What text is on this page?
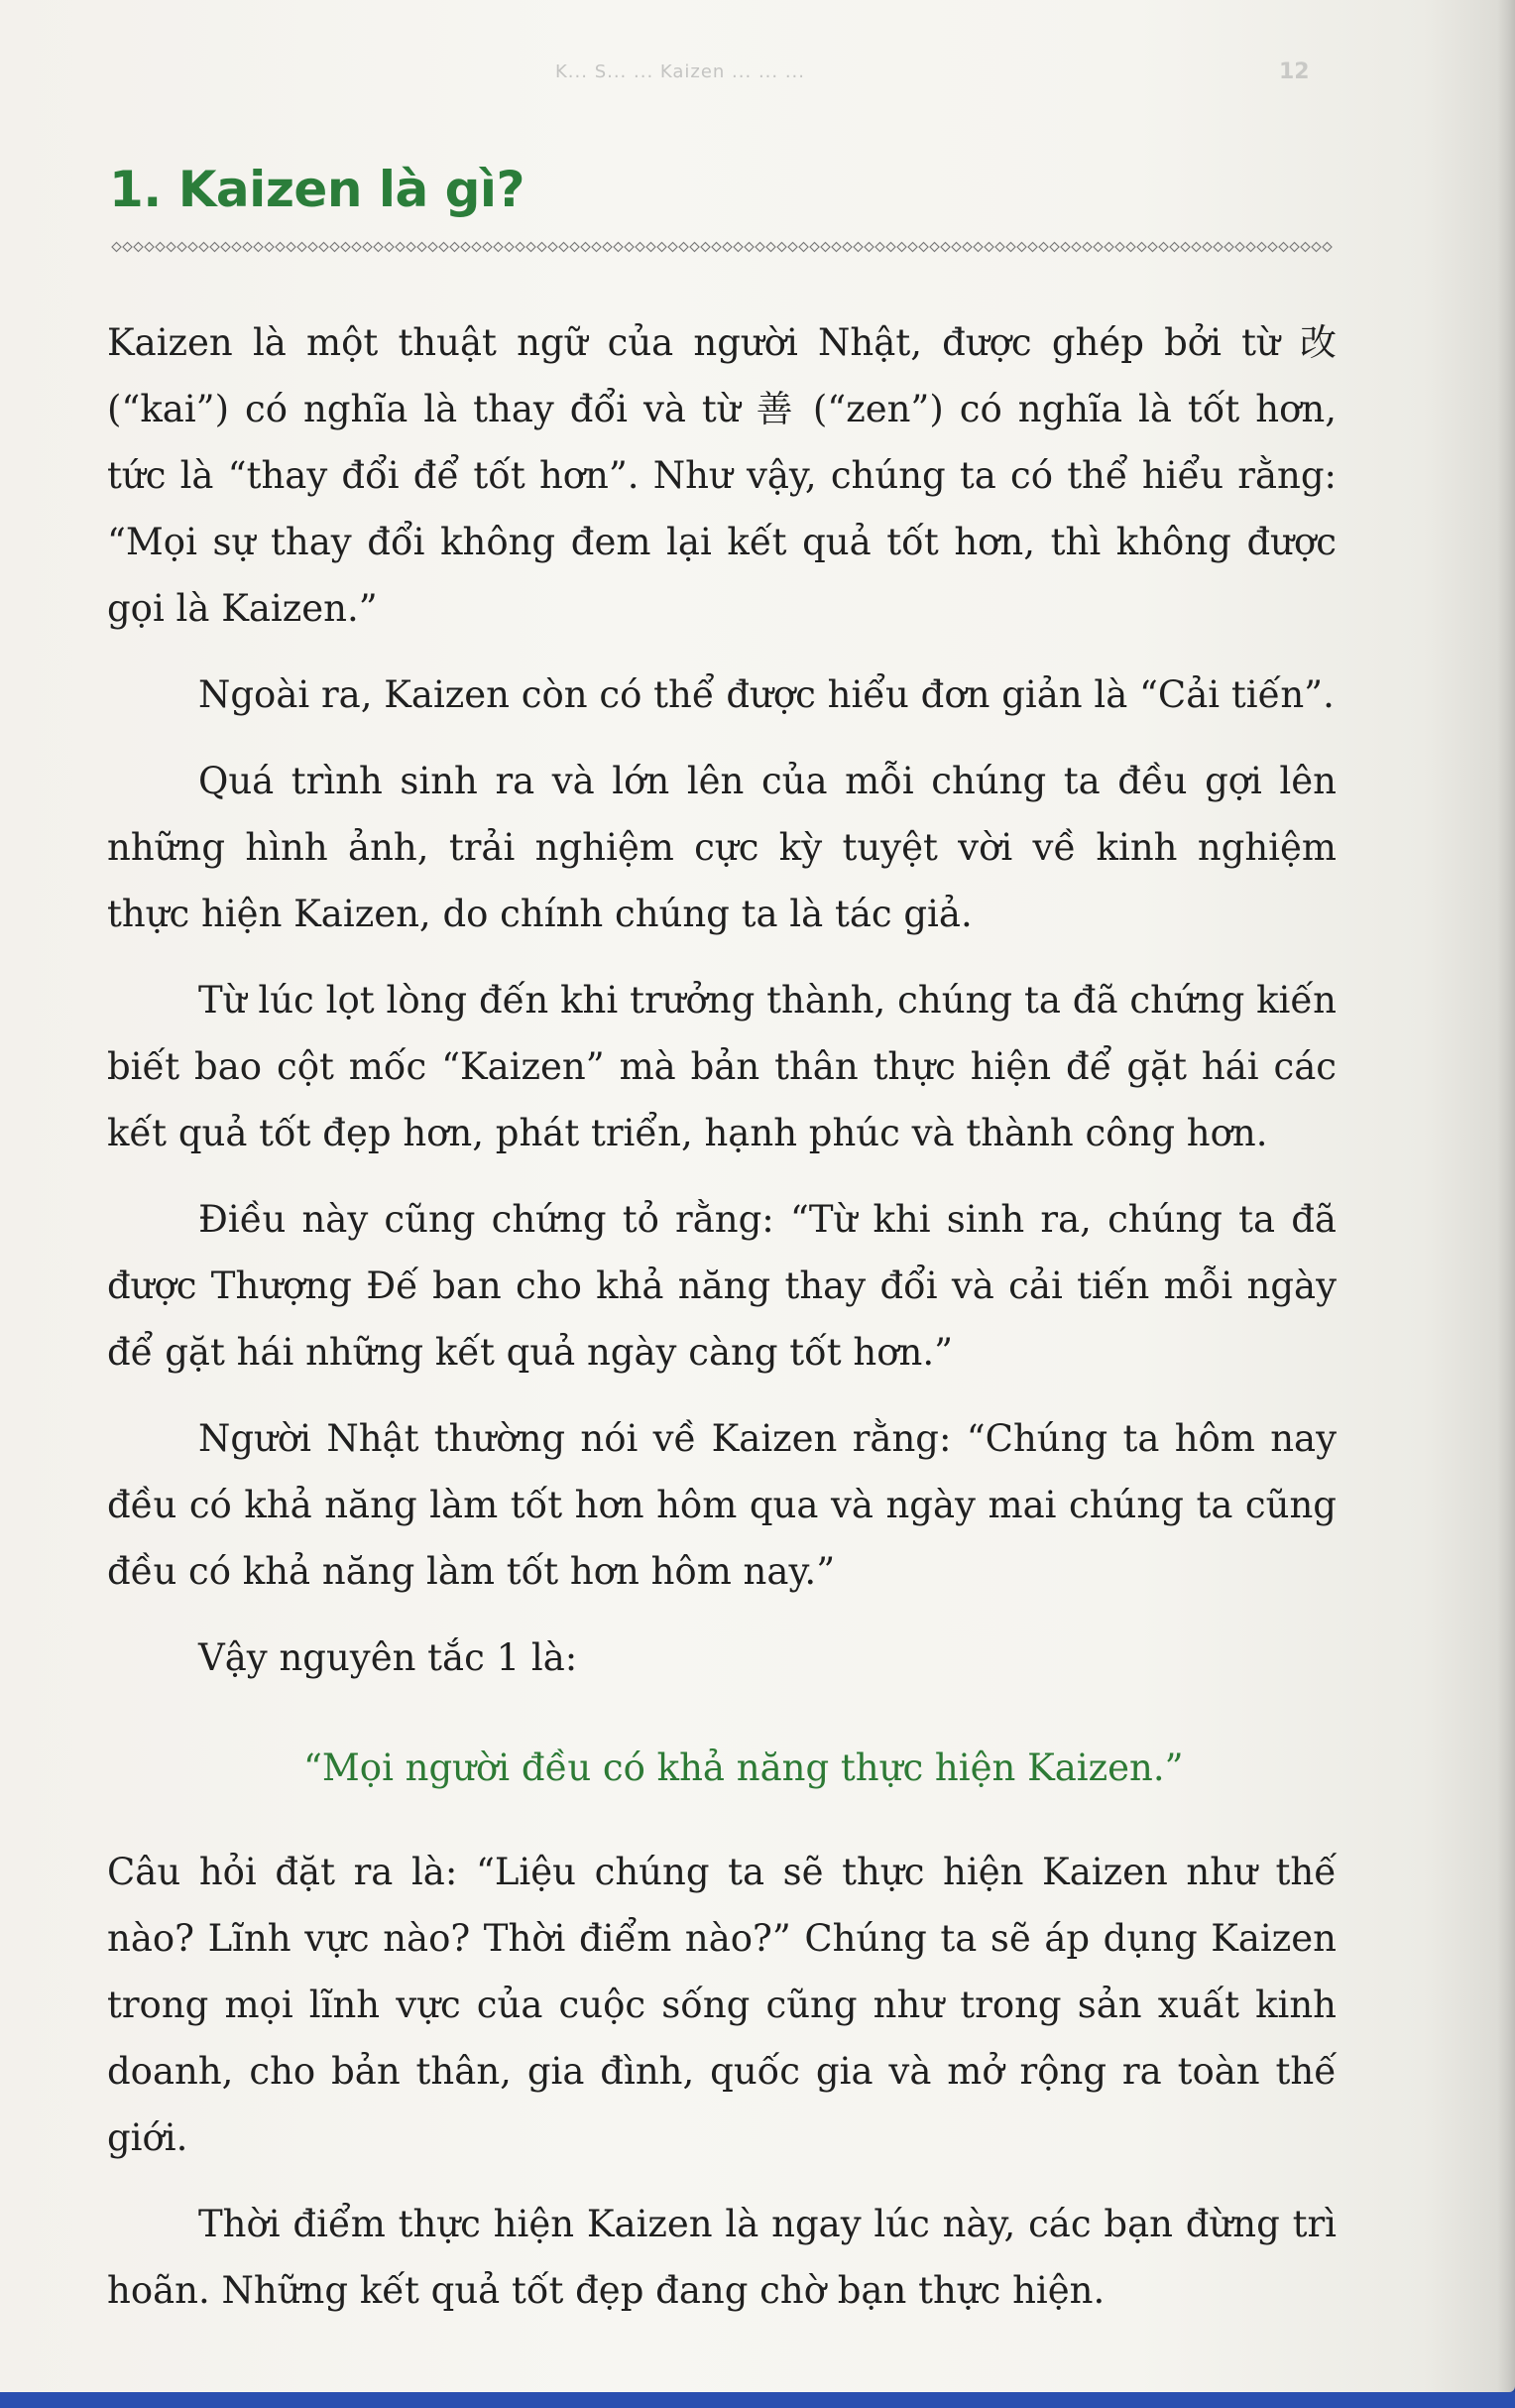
K... S... ... Kaizen ... ... ...	12
1. Kaizen là gì?

Kaizen là một thuật ngữ của người Nhật, được ghép bởi từ 改 (“kai”) có nghĩa là thay đổi và từ 善 (“zen”) có nghĩa là tốt hơn, tức là “thay đổi để tốt hơn”. Như vậy, chúng ta có thể hiểu rằng: “Mọi sự thay đổi không đem lại kết quả tốt hơn, thì không được gọi là Kaizen.”

Ngoài ra, Kaizen còn có thể được hiểu đơn giản là “Cải tiến”.

Quá trình sinh ra và lớn lên của mỗi chúng ta đều gợi lên những hình ảnh, trải nghiệm cực kỳ tuyệt vời về kinh nghiệm thực hiện Kaizen, do chính chúng ta là tác giả.

Từ lúc lọt lòng đến khi trưởng thành, chúng ta đã chứng kiến biết bao cột mốc “Kaizen” mà bản thân thực hiện để gặt hái các kết quả tốt đẹp hơn, phát triển, hạnh phúc và thành công hơn.

Điều này cũng chứng tỏ rằng: “Từ khi sinh ra, chúng ta đã được Thượng Đế ban cho khả năng thay đổi và cải tiến mỗi ngày để gặt hái những kết quả ngày càng tốt hơn.”

Người Nhật thường nói về Kaizen rằng: “Chúng ta hôm nay đều có khả năng làm tốt hơn hôm qua và ngày mai chúng ta cũng đều có khả năng làm tốt hơn hôm nay.”

Vậy nguyên tắc 1 là:

“Mọi người đều có khả năng thực hiện Kaizen.”

Câu hỏi đặt ra là: “Liệu chúng ta sẽ thực hiện Kaizen như thế nào? Lĩnh vực nào? Thời điểm nào?” Chúng ta sẽ áp dụng Kaizen trong mọi lĩnh vực của cuộc sống cũng như trong sản xuất kinh doanh, cho bản thân, gia đình, quốc gia và mở rộng ra toàn thế giới.

Thời điểm thực hiện Kaizen là ngay lúc này, các bạn đừng trì hoãn. Những kết quả tốt đẹp đang chờ bạn thực hiện.
